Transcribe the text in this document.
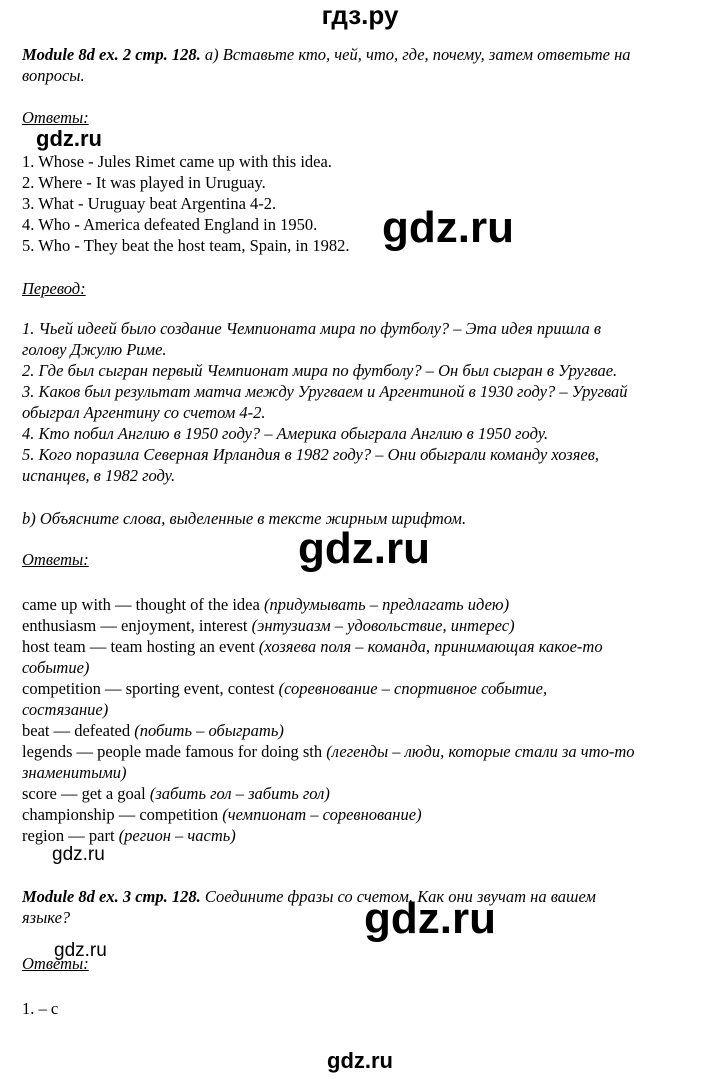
гдз.ру
Module 8d ex. 2 стр. 128. a) Вставьте кто, чей, что, где, почему, затем ответьте на
вопросы.
Ответы:
gdz.ru
1. Whose - Jules Rimet came up with this idea.
2. Where - It was played in Uruguay.
3. What - Uruguay beat Argentina 4-2.
4. Who - America defeated England in 1950.
5. Who - They beat the host team, Spain, in 1982. gdz.ru
Перевод:
1. Чьей идеей было создание Чемпионата мира по футболу? – Эта идея пришла в
голову Джулю Риме.
2. Где был сыгран первый Чемпионат мира по футболу? – Он был сыгран в Уругвае.
3. Каков был результат матча между Уругваем и Аргентиной в 1930 году? – Уругвай
обыграл Аргентину со счетом 4-2.
4. Кто побил Англию в 1950 году? – Америка обыграла Англию в 1950 году.
5. Кого поразила Северная Ирландия в 1982 году? – Они обыграли команду хозяев,
испанцев, в 1982 году.
b) Объясните слова, выделенные в тексте жирным шрифтом.
Ответы:	gdz.ru
came up with — thought of the idea (придумывать – предлагать идею)
enthusiasm — enjoyment, interest (энтузиазм – удовольствие, интерес)
host team — team hosting an event (хозяева поля – команда, принимающая какое-то
событие)
competition — sporting event, contest (соревнование – спортивное событие,
состязание)
beat — defeated (побить – обыграть)
legends — people made famous for doing sth (легенды – люди, которые стали за что-то
знаменитыми)
score — get a goal (забить гол – забить гол)
championship — competition (чемпионат – соревнование)
region — part (регион – часть)
gdz.ru
Module 8d ex. 3 стр. 128. Соедините фразы со счетом. Как они звучат на вашем
языке?	gdz.ru
gdz.ru
Ответы:
1. – c
gdz.ru
